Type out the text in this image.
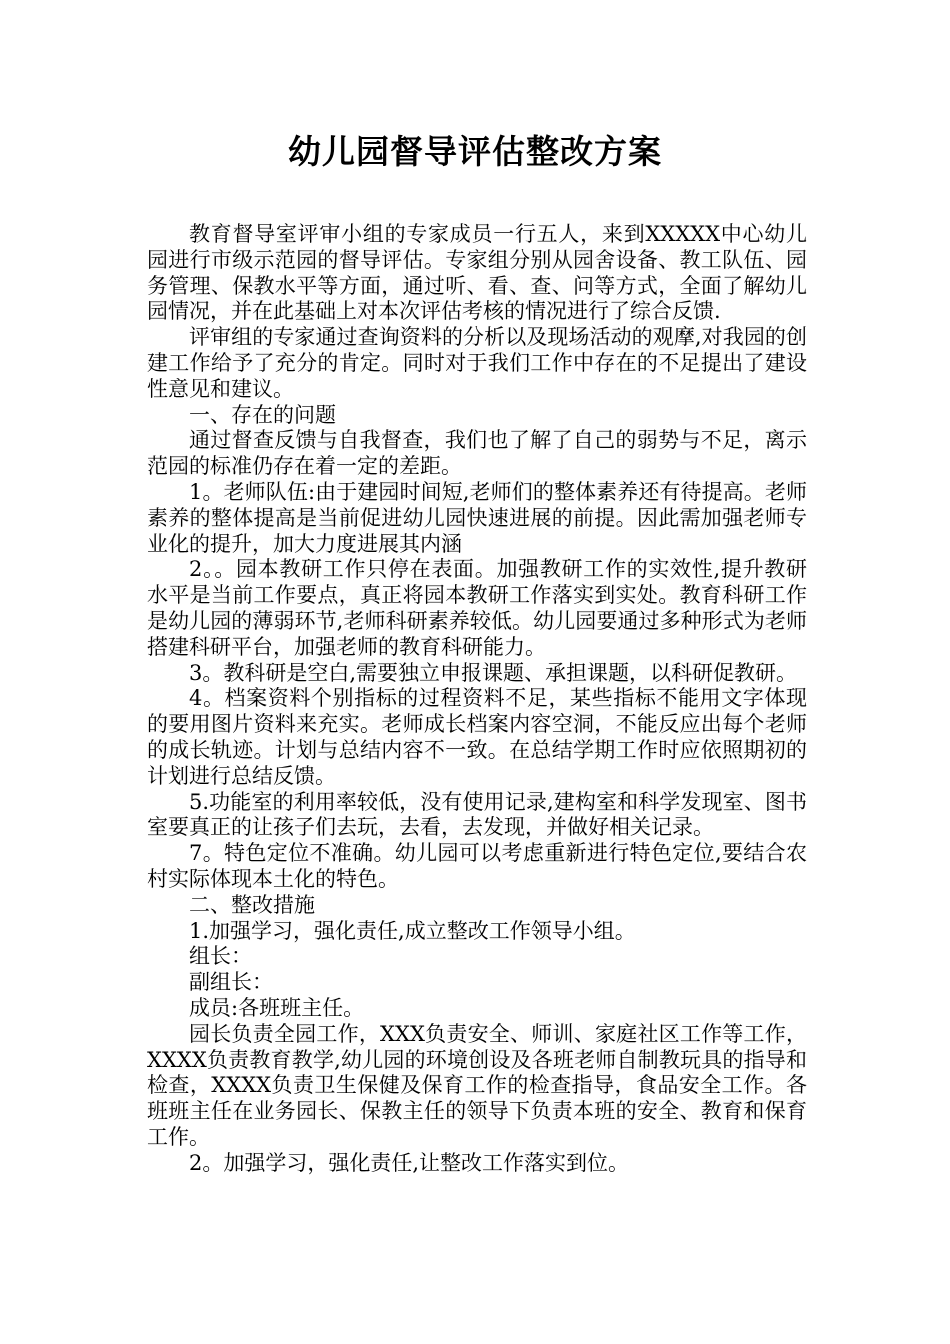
幼儿园督导评估整改方案

教育督导室评审小组的专家成员一行五人，来到XXXXX中心幼儿园进行市级示范园的督导评估。专家组分别从园舍设备、教工队伍、园务管理、保教水平等方面，通过听、看、查、问等方式，全面了解幼儿园情况，并在此基础上对本次评估考核的情况进行了综合反馈.

评审组的专家通过查询资料的分析以及现场活动的观摩,对我园的创建工作给予了充分的肯定。同时对于我们工作中存在的不足提出了建设性意见和建议。

一、存在的问题

通过督查反馈与自我督查，我们也了解了自己的弱势与不足，离示范园的标准仍存在着一定的差距。

1。老师队伍:由于建园时间短,老师们的整体素养还有待提高。老师素养的整体提高是当前促进幼儿园快速进展的前提。因此需加强老师专业化的提升，加大力度进展其内涵

2。。园本教研工作只停在表面。加强教研工作的实效性,提升教研水平是当前工作要点，真正将园本教研工作落实到实处。教育科研工作是幼儿园的薄弱环节,老师科研素养较低。幼儿园要通过多种形式为老师搭建科研平台，加强老师的教育科研能力。

3。教科研是空白,需要独立申报课题、承担课题，以科研促教研。

4。档案资料个别指标的过程资料不足，某些指标不能用文字体现的要用图片资料来充实。老师成长档案内容空洞，不能反应出每个老师的成长轨迹。计划与总结内容不一致。在总结学期工作时应依照期初的计划进行总结反馈。

5.功能室的利用率较低，没有使用记录,建构室和科学发现室、图书室要真正的让孩子们去玩，去看，去发现，并做好相关记录。

7。特色定位不准确。幼儿园可以考虑重新进行特色定位,要结合农村实际体现本土化的特色。

二、整改措施

1.加强学习，强化责任,成立整改工作领导小组。

组长：

副组长：

成员:各班班主任。

园长负责全园工作，XXX负责安全、师训、家庭社区工作等工作，XXXX负责教育教学,幼儿园的环境创设及各班老师自制教玩具的指导和检查，XXXX负责卫生保健及保育工作的检查指导，食品安全工作。各班班主任在业务园长、保教主任的领导下负责本班的安全、教育和保育工作。

2。加强学习，强化责任,让整改工作落实到位。
